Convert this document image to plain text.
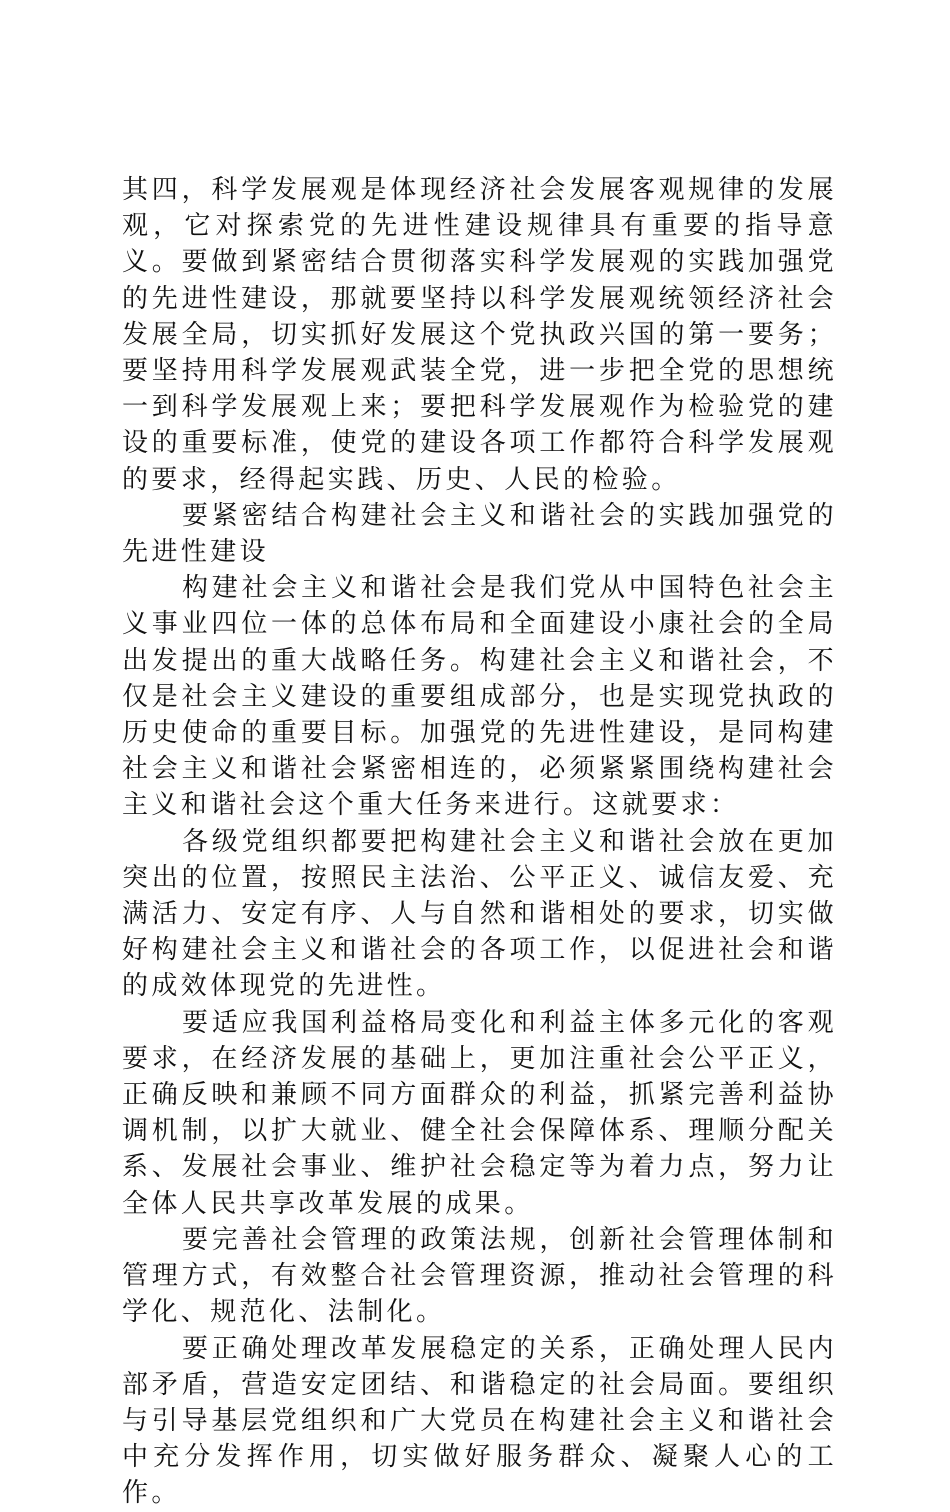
其四，科学发展观是体现经济社会发展客观规律的发展观，它对探索党的先进性建设规律具有重要的指导意义。要做到紧密结合贯彻落实科学发展观的实践加强党的先进性建设，那就要坚持以科学发展观统领经济社会发展全局，切实抓好发展这个党执政兴国的第一要务；要坚持用科学发展观武装全党，进一步把全党的思想统一到科学发展观上来；要把科学发展观作为检验党的建设的重要标准，使党的建设各项工作都符合科学发展观的要求，经得起实践、历史、人民的检验。

要紧密结合构建社会主义和谐社会的实践加强党的先进性建设

构建社会主义和谐社会是我们党从中国特色社会主义事业四位一体的总体布局和全面建设小康社会的全局出发提出的重大战略任务。构建社会主义和谐社会，不仅是社会主义建设的重要组成部分，也是实现党执政的历史使命的重要目标。加强党的先进性建设，是同构建社会主义和谐社会紧密相连的，必须紧紧围绕构建社会主义和谐社会这个重大任务来进行。这就要求：

各级党组织都要把构建社会主义和谐社会放在更加突出的位置，按照民主法治、公平正义、诚信友爱、充满活力、安定有序、人与自然和谐相处的要求，切实做好构建社会主义和谐社会的各项工作，以促进社会和谐的成效体现党的先进性。

要适应我国利益格局变化和利益主体多元化的客观要求，在经济发展的基础上，更加注重社会公平正义，正确反映和兼顾不同方面群众的利益，抓紧完善利益协调机制，以扩大就业、健全社会保障体系、理顺分配关系、发展社会事业、维护社会稳定等为着力点，努力让全体人民共享改革发展的成果。

要完善社会管理的政策法规，创新社会管理体制和管理方式，有效整合社会管理资源，推动社会管理的科学化、规范化、法制化。

要正确处理改革发展稳定的关系，正确处理人民内部矛盾，营造安定团结、和谐稳定的社会局面。要组织与引导基层党组织和广大党员在构建社会主义和谐社会中充分发挥作用，切实做好服务群众、凝聚人心的工作。
